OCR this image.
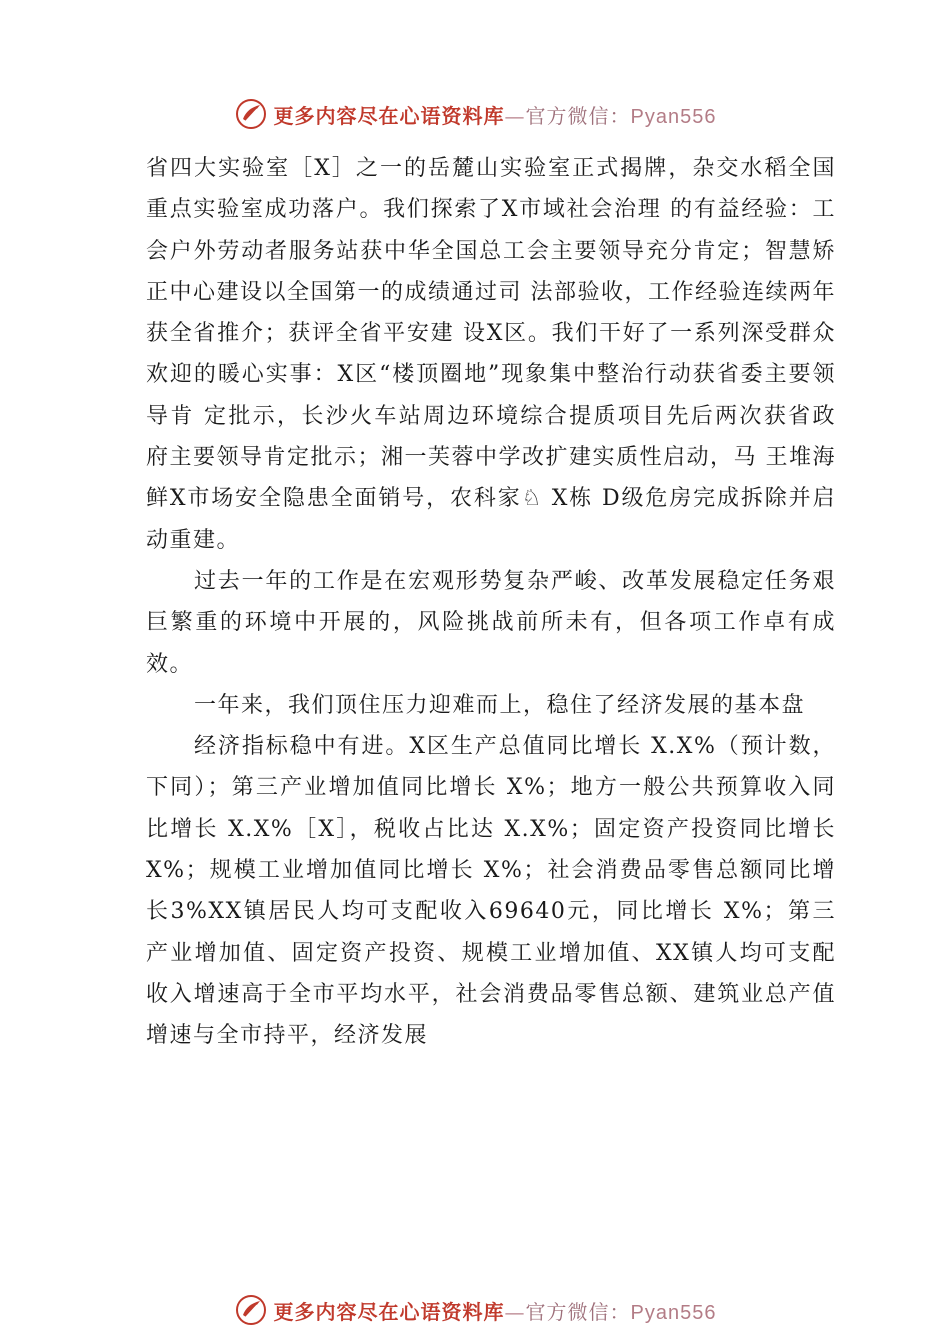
更多内容尽在心语资料库—官方微信：Pyan556

省四大实验室［X］之一的岳麓山实验室正式揭牌，杂交水稻全国重点实验室成功落户。我们探索了X市域社会治理 的有益经验：工会户外劳动者服务站获中华全国总工会主要领导充分肯定；智慧矫正中心建设以全国第一的成绩通过司 法部验收，工作经验连续两年获全省推介；获评全省平安建 设X区。我们干好了一系列深受群众欢迎的暖心实事：X区“楼顶圈地”现象集中整治行动获省委主要领导肯 定批示，长沙火车站周边环境综合提质项目先后两次获省政 府主要领导肯定批示；湘一芙蓉中学改扩建实质性启动，马 王堆海鲜X市场安全隐患全面销号，农科家♘ X栋 D级危房完成拆除并启动重建。

过去一年的工作是在宏观形势复杂严峻、改革发展稳定任务艰巨繁重的环境中开展的，风险挑战前所未有，但各项工作卓有成效。

一年来，我们顶住压力迎难而上，稳住了经济发展的基本盘

经济指标稳中有进。X区生产总值同比增长 X.X%（预计数，下同）；第三产业增加值同比增长 X%；地方一般公共预算收入同比增长 X.X%［X］，税收占比达 X.X%；固定资产投资同比增长 X%；规模工业增加值同比增长 X%；社会消费品零售总额同比增长3%XX镇居民人均可支配收入69640元，同比增长 X%；第三产业增加值、固定资产投资、规模工业增加值、XX镇人均可支配收入增速高于全市平均水平，社会消费品零售总额、建筑业总产值增速与全市持平，经济发展

更多内容尽在心语资料库—官方微信：Pyan556
